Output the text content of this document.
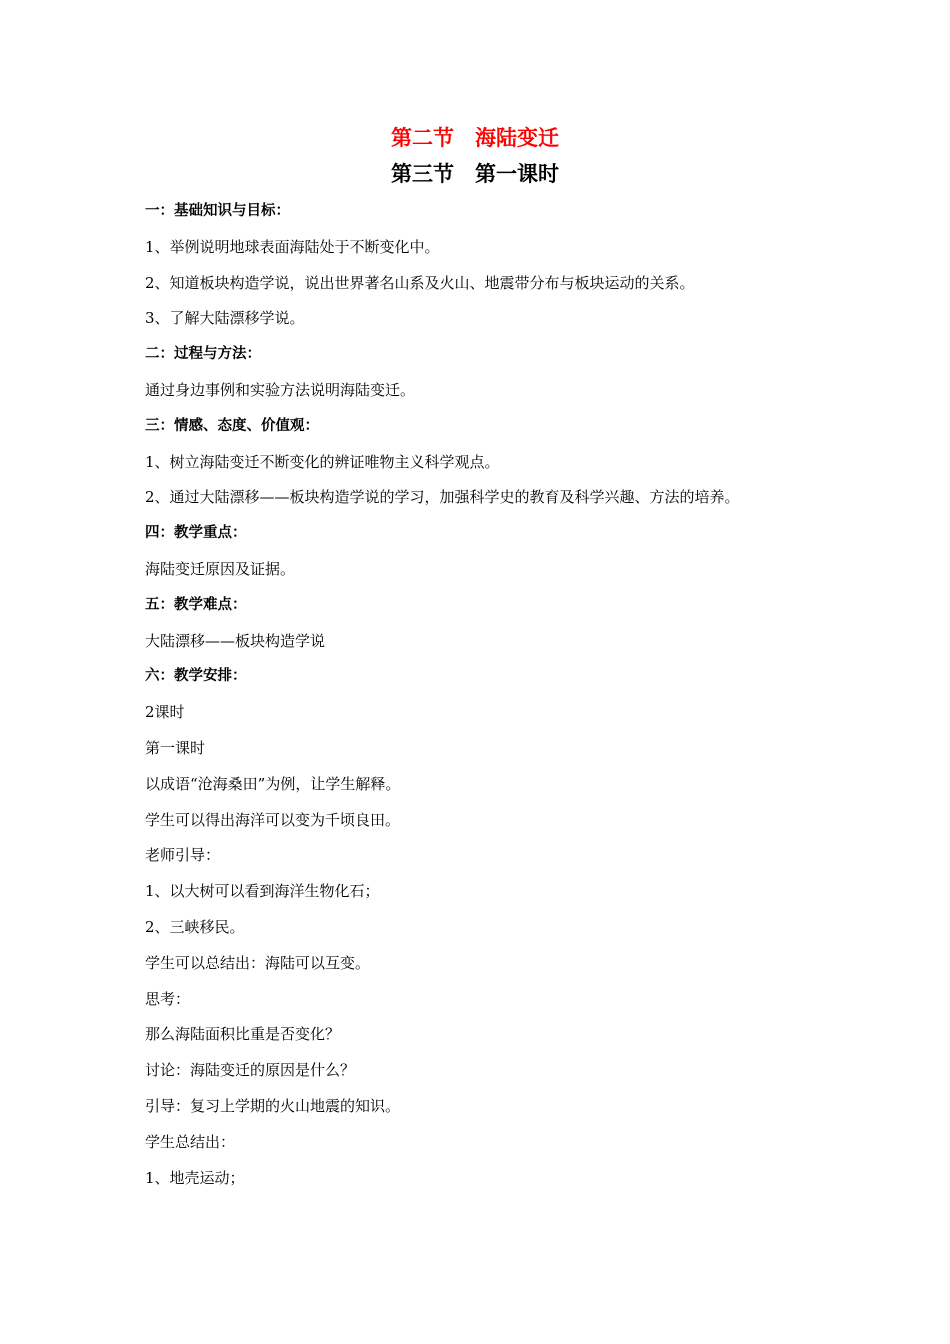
第二节　海陆变迁
第三节　第一课时
一：基础知识与目标：
1、举例说明地球表面海陆处于不断变化中。
2、知道板块构造学说，说出世界著名山系及火山、地震带分布与板块运动的关系。
3、了解大陆漂移学说。
二：过程与方法：
通过身边事例和实验方法说明海陆变迁。
三：情感、态度、价值观：
1、树立海陆变迁不断变化的辨证唯物主义科学观点。
2、通过大陆漂移——板块构造学说的学习，加强科学史的教育及科学兴趣、方法的培养。
四：教学重点：
海陆变迁原因及证据。
五：教学难点：
大陆漂移——板块构造学说
六：教学安排：
2课时
第一课时
以成语“沧海桑田”为例，让学生解释。
学生可以得出海洋可以变为千顷良田。
老师引导：
1、以大树可以看到海洋生物化石；
2、三峡移民。
学生可以总结出：海陆可以互变。
思考：
那么海陆面积比重是否变化？
讨论：海陆变迁的原因是什么？
引导：复习上学期的火山地震的知识。
学生总结出：
1、地壳运动；
